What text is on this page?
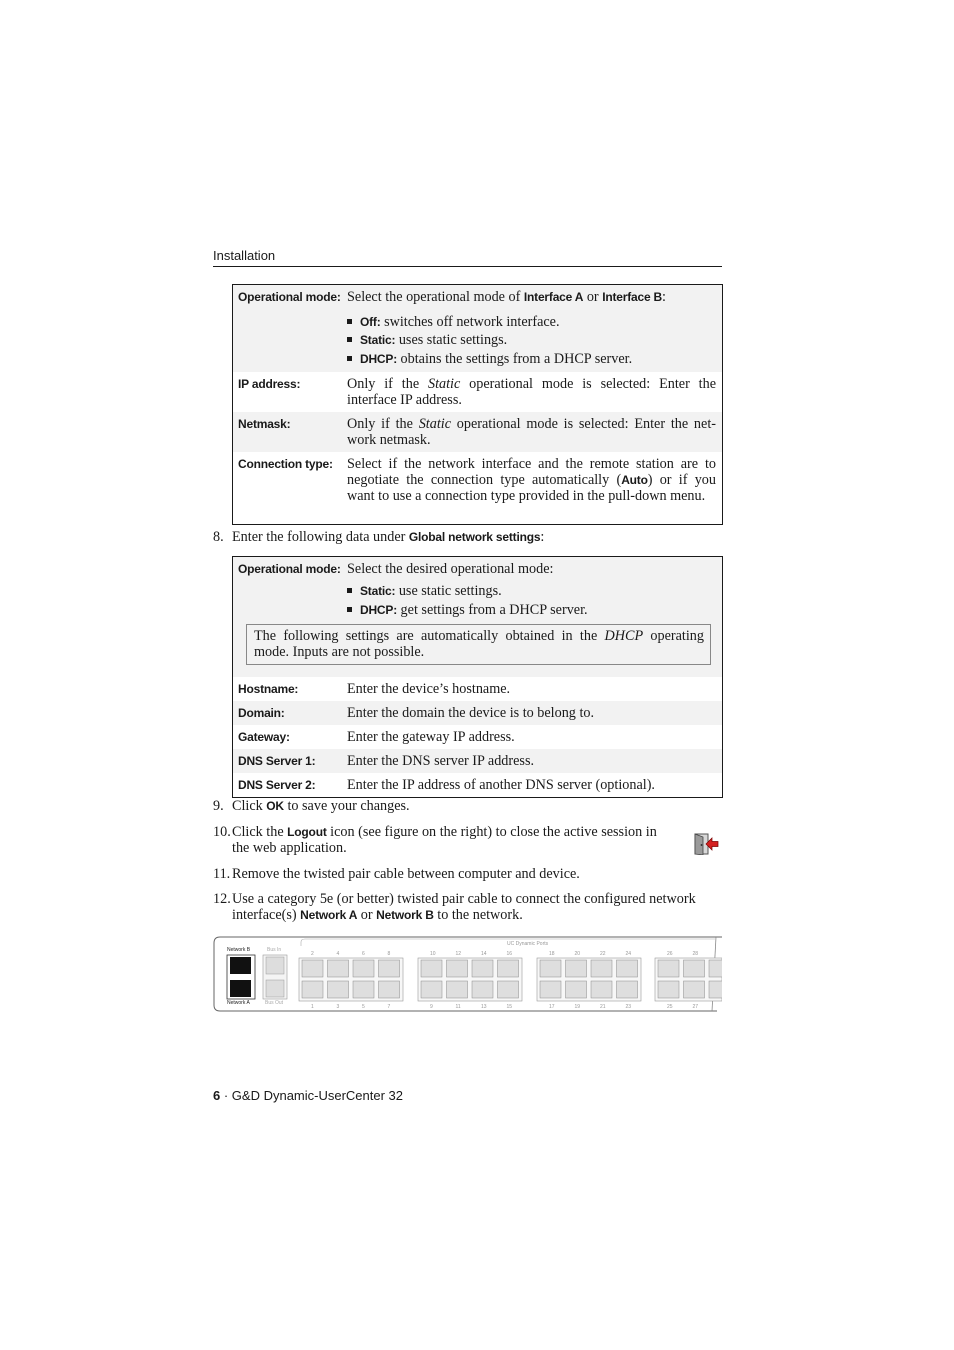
Installation
Operational mode: Select the operational mode of Interface A or Interface B:
Off: switches off network interface.
Static: uses static settings.
DHCP: obtains the settings from a DHCP server.
IP address:	Only if the Static operational mode is selected: Enter the interface IP address.
Netmask:	Only if the Static operational mode is selected: Enter the network netmask.
Connection type: Select if the network interface and the remote station are to negotiate the connection type automatically (Auto) or if you want to use a connection type provided in the pull-down menu.
8. Enter the following data under Global network settings:
Operational mode: Select the desired operational mode:
Static: use static settings.
DHCP: get settings from a DHCP server.
The following settings are automatically obtained in the DHCP operating mode. Inputs are not possible.
Hostname:	Enter the device’s hostname.
Domain:	Enter the domain the device is to belong to.
Gateway:	Enter the gateway IP address.
DNS Server 1:	Enter the DNS server IP address.
DNS Server 2:	Enter the IP address of another DNS server (optional).
9. Click OK to save your changes.
10. Click the Logout icon (see figure on the right) to close the active session in the web application.
11. Remove the twisted pair cable between computer and device.
12. Use a category 5e (or better) twisted pair cable to connect the configured network interface(s) Network A or Network B to the network.
Network B
Network A
Bus In
Bus Out
UC Dynamic Ports
2
1
4
3
6
5
8
7
10
9
12
11
14
13
16
15
18
17
20
19
22
21
24
23
26
25
28
27
6 · G&D Dynamic-UserCenter 32
